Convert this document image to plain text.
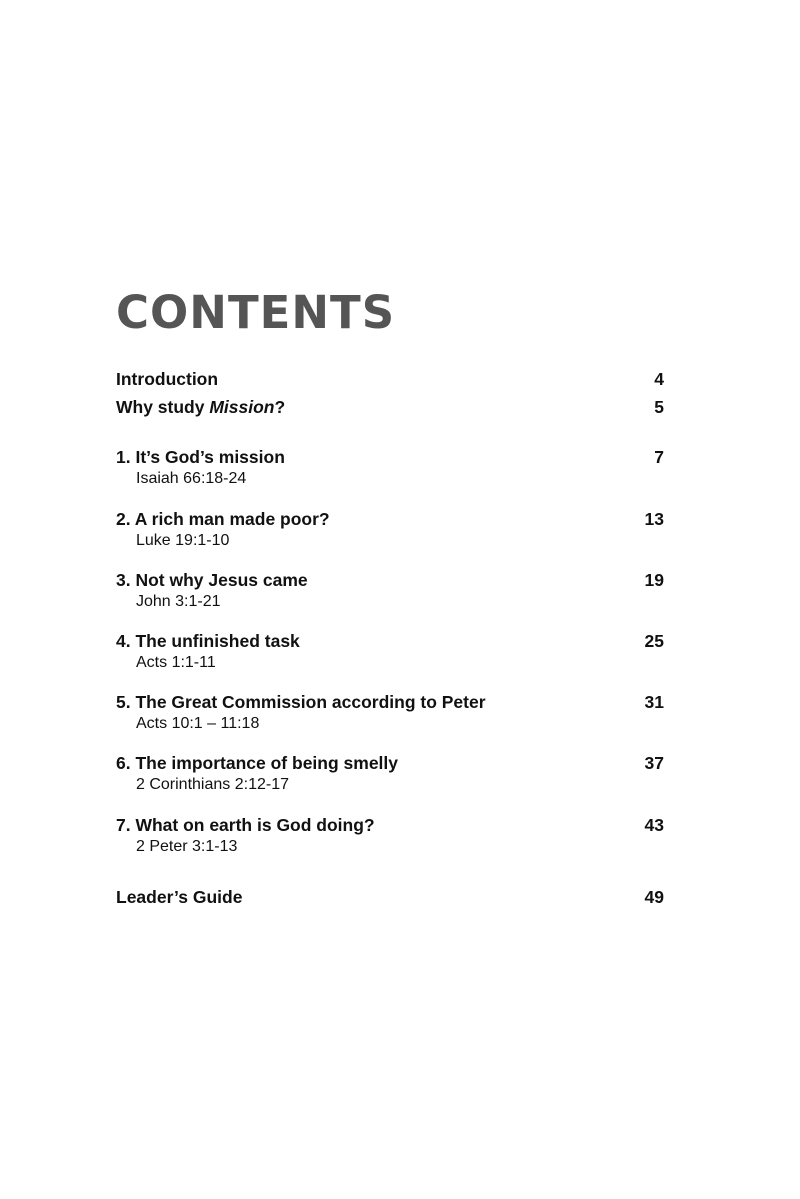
CONTENTS
Introduction	4
Why study Mission?	5
1. It’s God’s mission	7
Isaiah 66:18-24
2. A rich man made poor?	13
Luke 19:1-10
3. Not why Jesus came	19
John 3:1-21
4. The unfinished task	25
Acts 1:1-11
5. The Great Commission according to Peter	31
Acts 10:1 – 11:18
6. The importance of being smelly	37
2 Corinthians 2:12-17
7. What on earth is God doing?	43
2 Peter 3:1-13
Leader’s Guide	49
